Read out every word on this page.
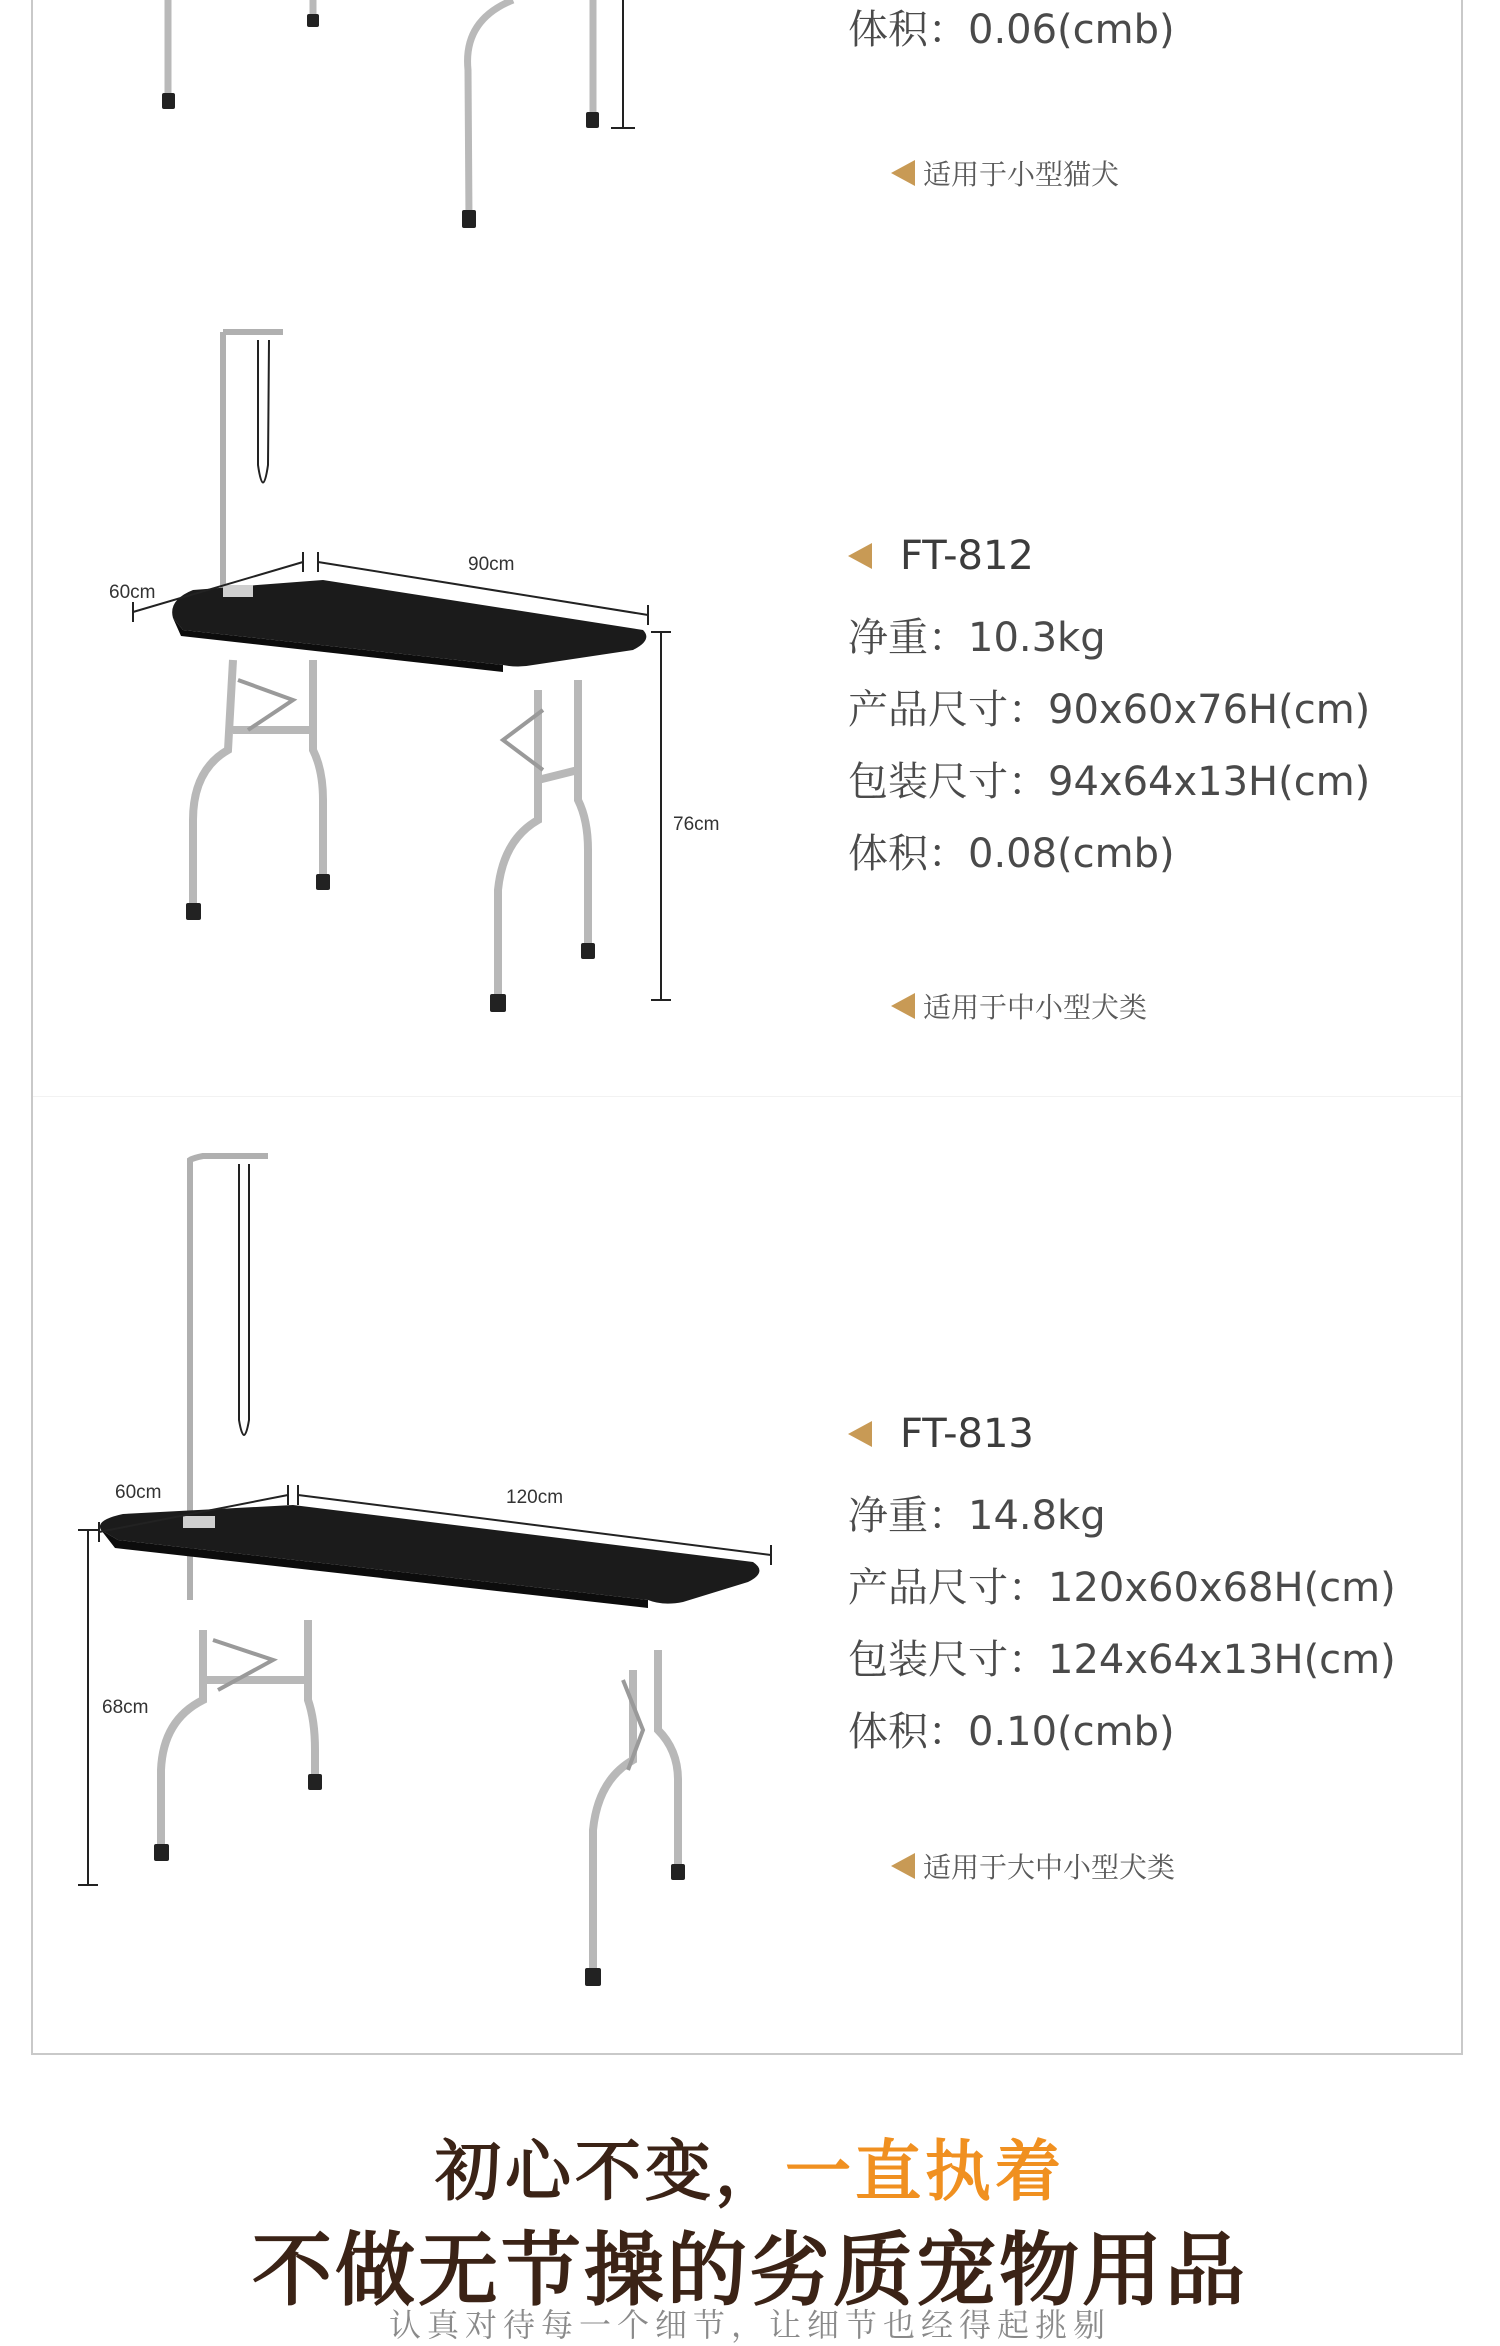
体积：0.06(cmb)
适用于小型猫犬
60cm
90cm
76cm
FT-812
净重：10.3kg
产品尺寸：90x60x76H(cm)
包装尺寸：94x64x13H(cm)
体积：0.08(cmb)
适用于中小型犬类
60cm	120cm
68cm
FT-813
净重：14.8kg
产品尺寸：120x60x68H(cm)
包装尺寸：124x64x13H(cm)
体积：0.10(cmb)
适用于大中小型犬类
初心不变，一直执着
不做无节操的劣质宠物用品
认真对待每一个细节，让细节也经得起挑剔
